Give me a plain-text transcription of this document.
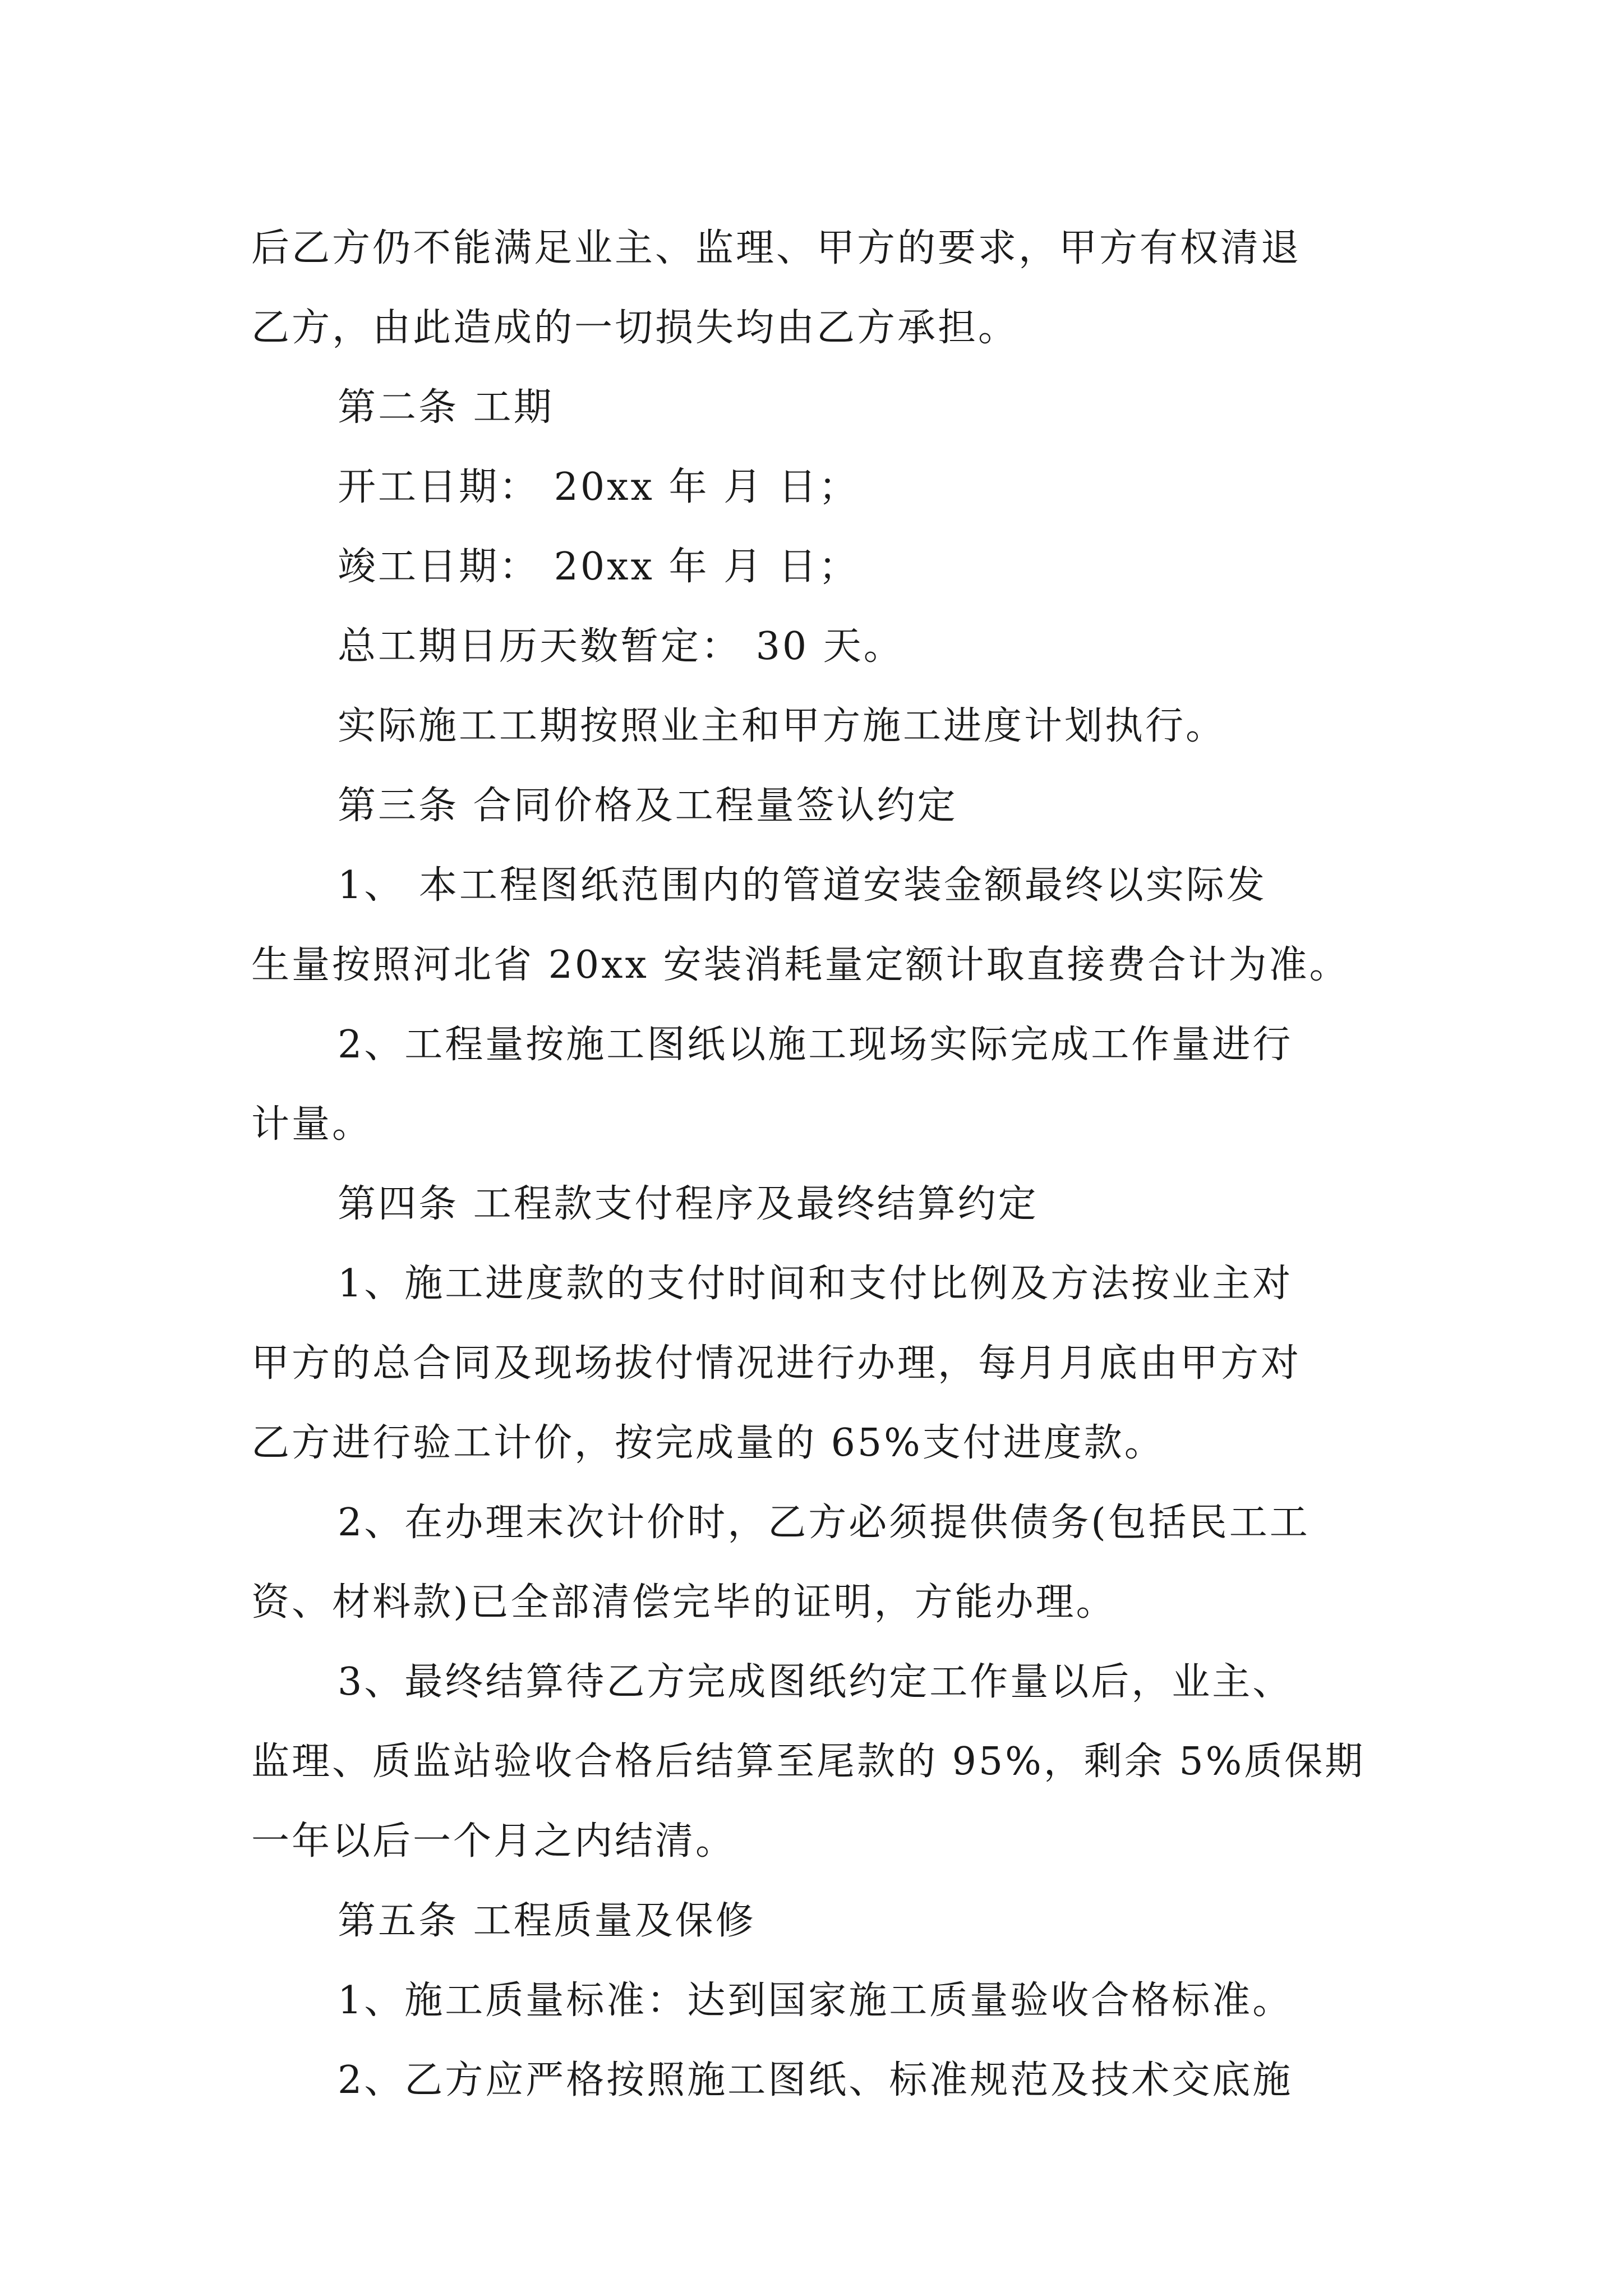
后乙方仍不能满足业主、监理、甲方的要求，甲方有权清退
乙方，由此造成的一切损失均由乙方承担。
第二条 工期
开工日期： 20xx 年 月 日；
竣工日期： 20xx 年 月 日；
总工期日历天数暂定： 30 天。
实际施工工期按照业主和甲方施工进度计划执行。
第三条 合同价格及工程量签认约定
1、 本工程图纸范围内的管道安装金额最终以实际发
生量按照河北省 20xx 安装消耗量定额计取直接费合计为准。
2、工程量按施工图纸以施工现场实际完成工作量进行
计量。
第四条 工程款支付程序及最终结算约定
1、施工进度款的支付时间和支付比例及方法按业主对
甲方的总合同及现场拔付情况进行办理，每月月底由甲方对
乙方进行验工计价，按完成量的 65%支付进度款。
2、在办理末次计价时，乙方必须提供债务(包括民工工
资、材料款)已全部清偿完毕的证明，方能办理。
3、最终结算待乙方完成图纸约定工作量以后，业主、
监理、质监站验收合格后结算至尾款的 95%，剩余 5%质保期
一年以后一个月之内结清。
第五条 工程质量及保修
1、施工质量标准：达到国家施工质量验收合格标准。
2、乙方应严格按照施工图纸、标准规范及技术交底施
